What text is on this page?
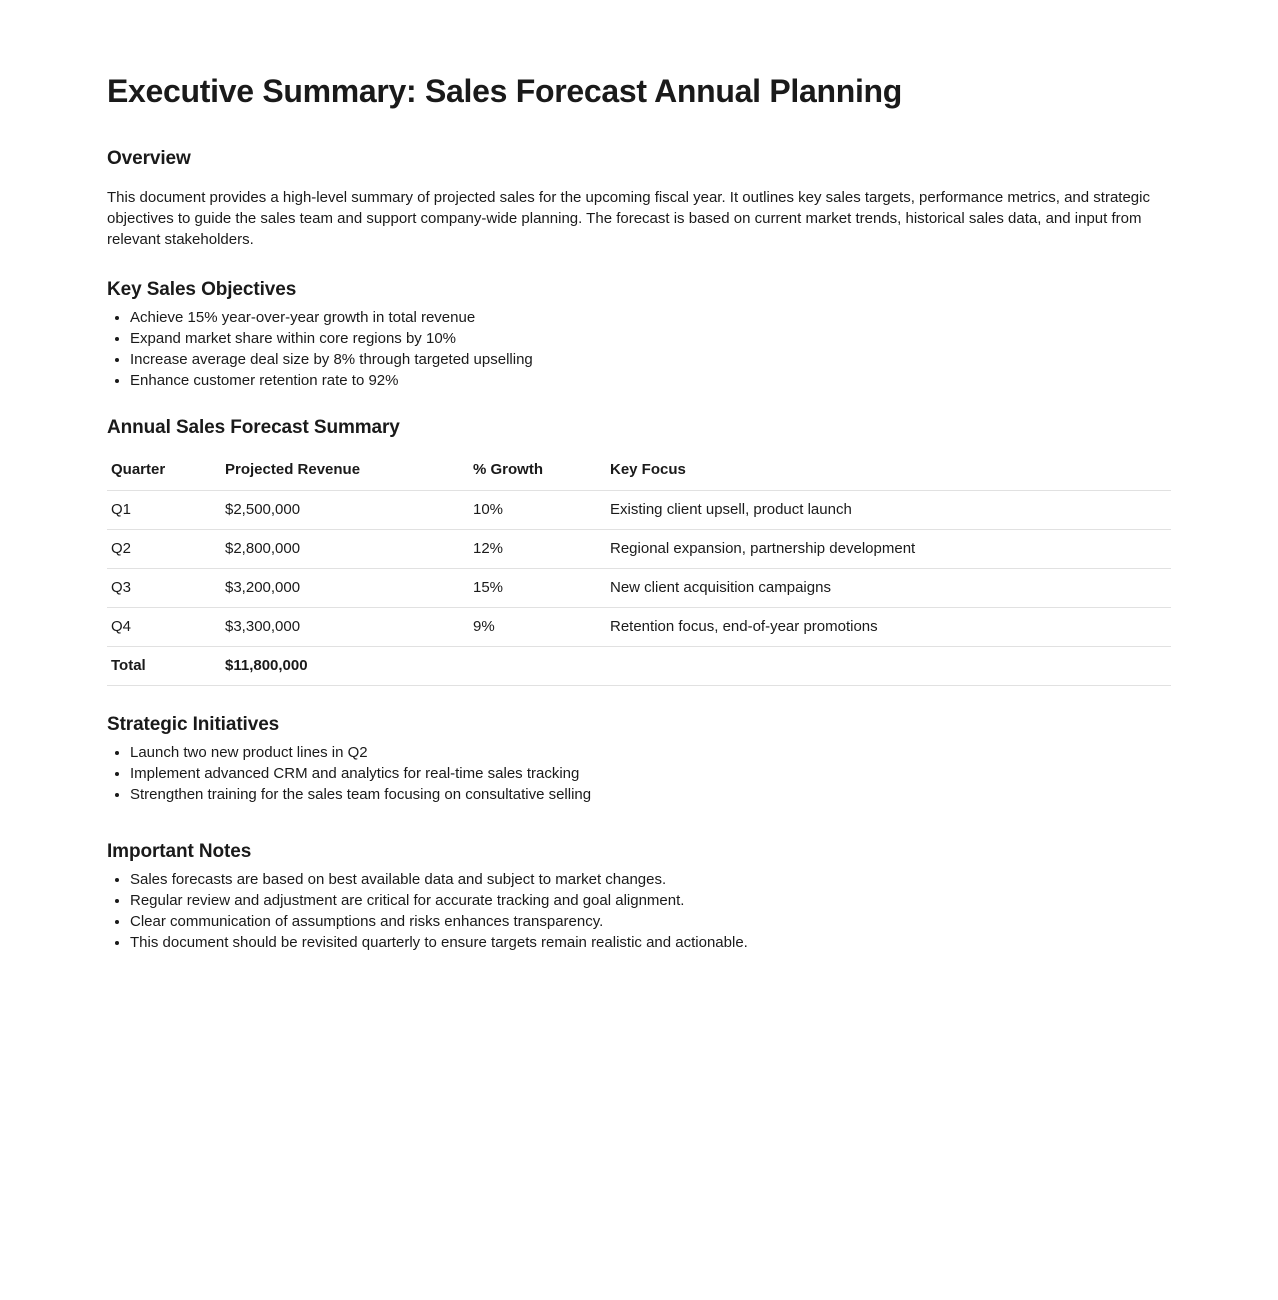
Executive Summary: Sales Forecast Annual Planning
Overview

This document provides a high-level summary of projected sales for the upcoming fiscal year. It outlines key sales targets, performance metrics, and strategic objectives to guide the sales team and support company-wide planning. The forecast is based on current market trends, historical sales data, and input from relevant stakeholders.

Key Sales Objectives
• Achieve 15% year-over-year growth in total revenue
• Expand market share within core regions by 10%
• Increase average deal size by 8% through targeted upselling
• Enhance customer retention rate to 92%
Annual Sales Forecast Summary
Quarter	Projected Revenue	% Growth	Key Focus
Q1	$2,500,000	10%	Existing client upsell, product launch
Q2	$2,800,000	12%	Regional expansion, partnership development
Q3	$3,200,000	15%	New client acquisition campaigns
Q4	$3,300,000	9%	Retention focus, end-of-year promotions
Total	$11,800,000		
Strategic Initiatives
• Launch two new product lines in Q2
• Implement advanced CRM and analytics for real-time sales tracking
• Strengthen training for the sales team focusing on consultative selling
Important Notes
• Sales forecasts are based on best available data and subject to market changes.
• Regular review and adjustment are critical for accurate tracking and goal alignment.
• Clear communication of assumptions and risks enhances transparency.
• This document should be revisited quarterly to ensure targets remain realistic and actionable.
